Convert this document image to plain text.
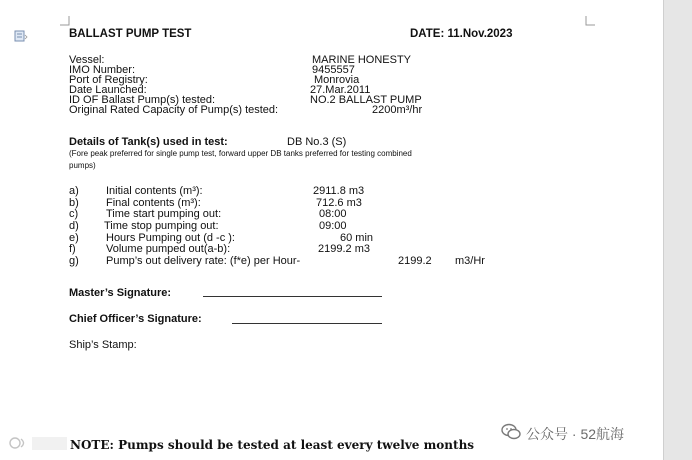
BALLAST PUMP TEST	DATE: 11.Nov.2023
Vessel:	MARINE HONESTY
IMO Number:	9455557
Port of Registry:	Monrovia
Date Launched:	27.Mar.2011
ID OF Ballast Pump(s) tested:	NO.2 BALLAST PUMP
Original Rated Capacity of Pump(s) tested:	2200m³/hr
Details of Tank(s) used in test:	DB No.3 (S)
(Fore peak preferred for single pump test, forward upper DB tanks preferred for testing combined
pumps)
a) Initial contents (m³):	2911.8 m3
b) Final contents (m³):	712.6 m3
c)	Time start pumping out:	08:00
d) Time stop pumping out:	09:00
e) Hours Pumping out (d -c ):	60 min
f)	Volume pumped out(a-b):	2199.2 m3
g) Pump’s out delivery rate: (f*e) per Hour-	2199.2 m3/Hr
Master’s Signature:
Chief Officer’s Signature:
Ship’s Stamp:
NOTE: Pumps should be tested at least every twelve months
公众号 · 52航海
